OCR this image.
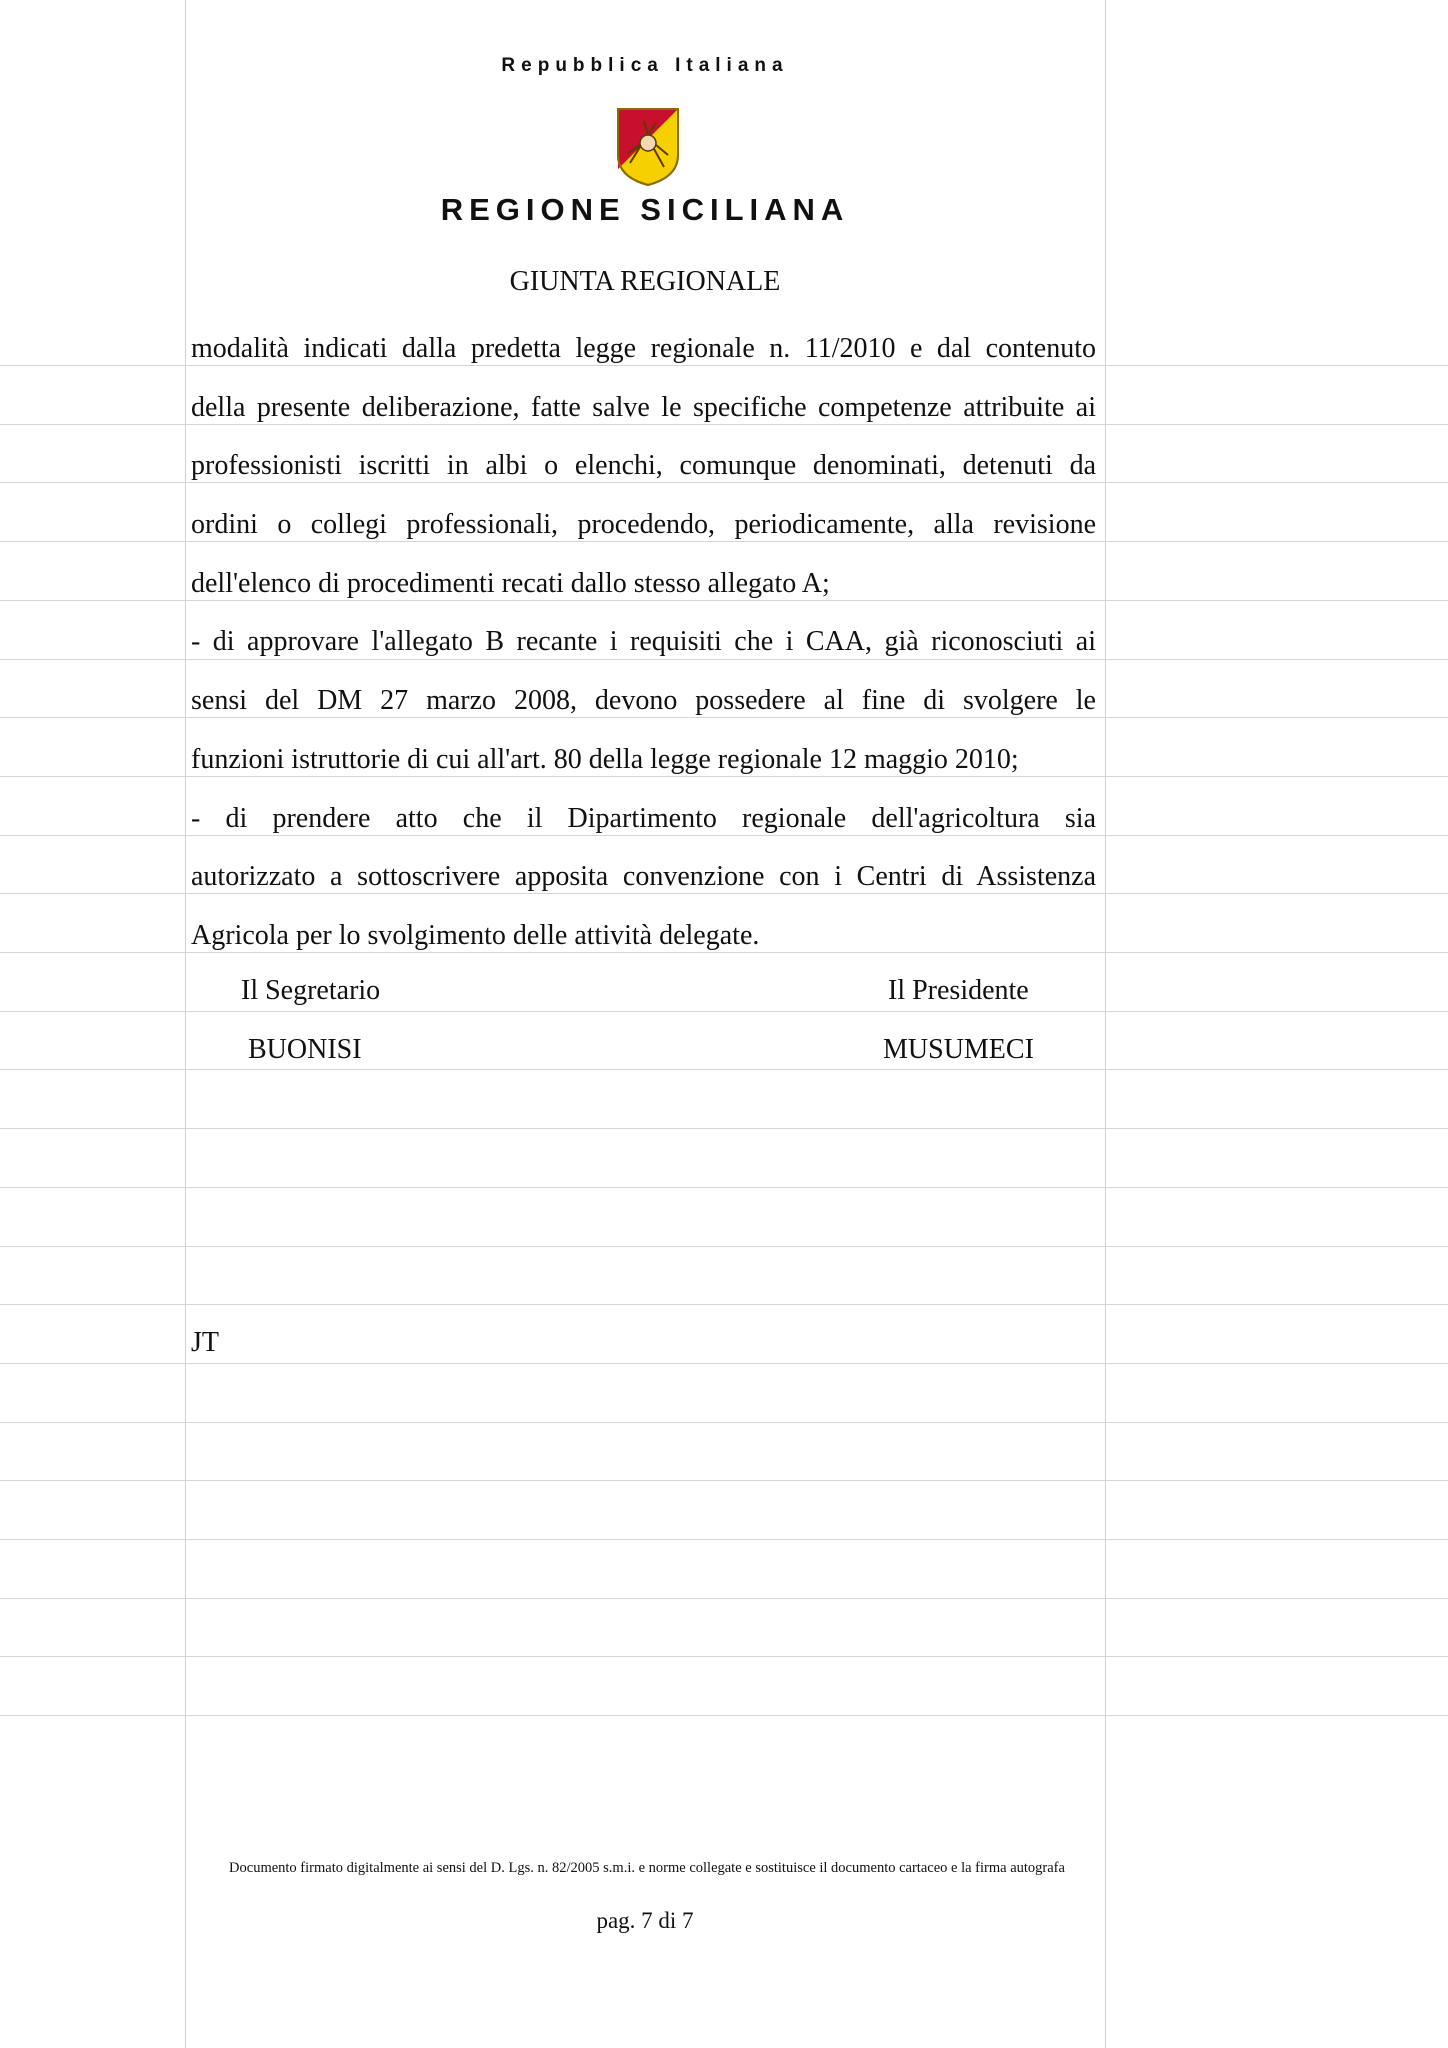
Repubblica Italiana
REGIONE SICILIANA
GIUNTA REGIONALE
modalità indicati dalla predetta legge regionale n. 11/2010 e dal contenuto
della presente deliberazione, fatte salve le specifiche competenze attribuite ai
professionisti iscritti in albi o elenchi, comunque denominati, detenuti da
ordini o collegi professionali, procedendo, periodicamente, alla revisione
dell'elenco di procedimenti recati dallo stesso allegato A;
- di approvare l'allegato B recante i requisiti che i CAA, già riconosciuti ai
sensi del DM 27 marzo 2008, devono possedere al fine di svolgere le
funzioni istruttorie di cui all'art. 80 della legge regionale 12 maggio 2010;
- di prendere atto che il Dipartimento regionale dell'agricoltura sia
autorizzato a sottoscrivere apposita convenzione con i Centri di Assistenza
Agricola per lo svolgimento delle attività delegate.
Il Segretario
BUONISI
Il Presidente
MUSUMECI
JT
Documento firmato digitalmente ai sensi del D. Lgs. n. 82/2005 s.m.i. e norme collegate e sostituisce il documento cartaceo e la firma autografa
pag. 7 di 7
